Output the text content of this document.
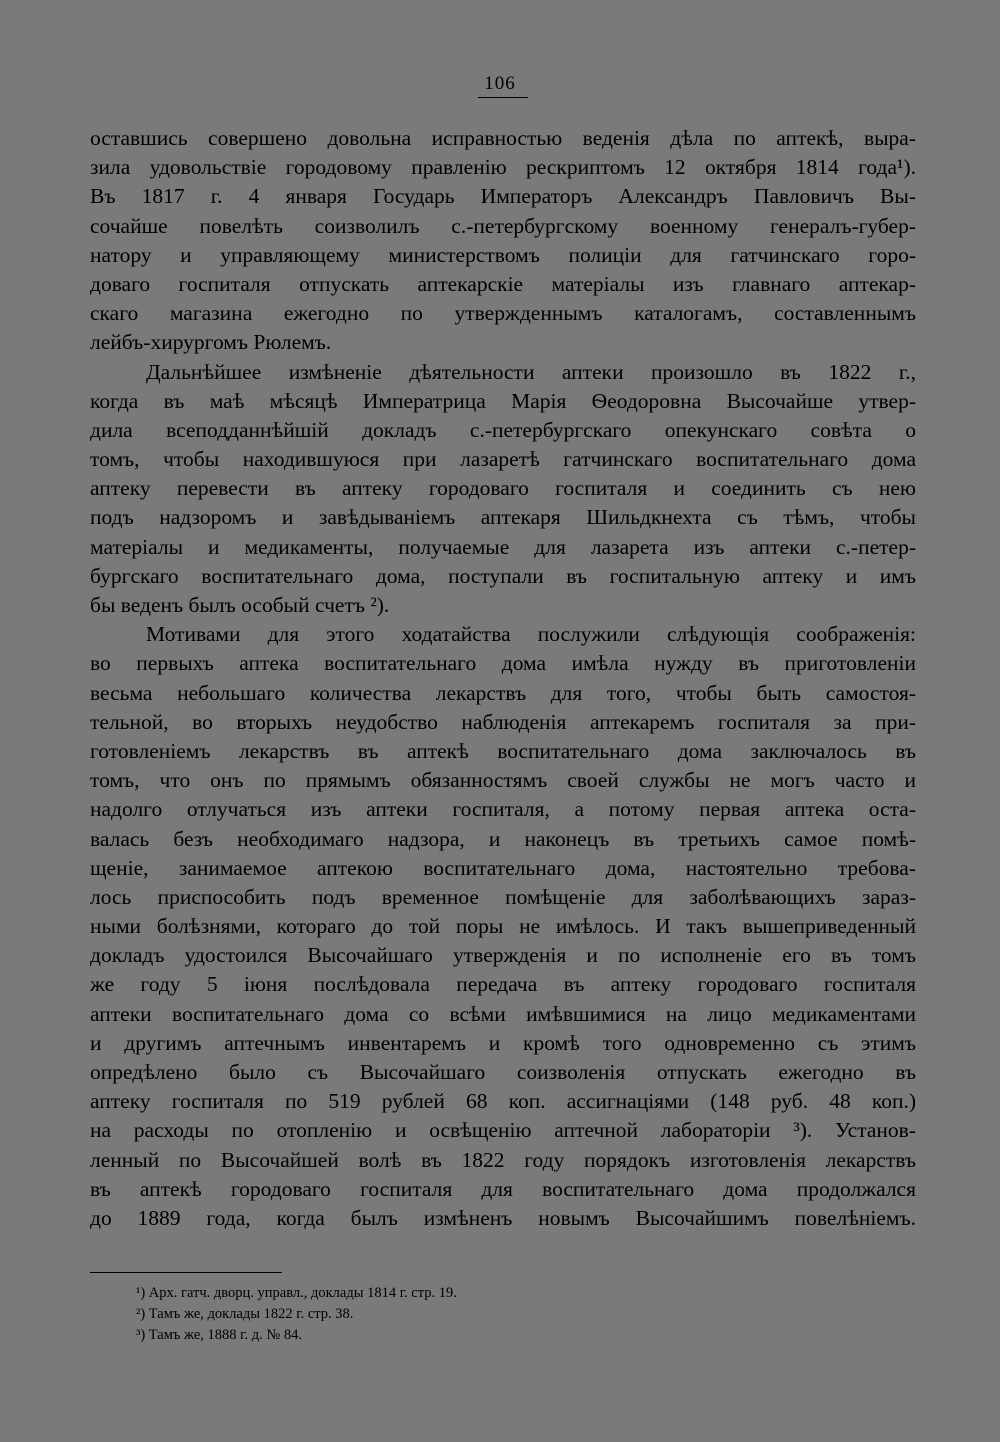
106
оставшись совершено довольна исправностью веденія дѣла по аптекѣ, выра-
зила удовольствіе городовому правленію рескриптомъ 12 октября 1814 года¹).
Въ 1817 г. 4 января Государь Императоръ Александръ Павловичъ Вы-
сочайше повелѣть соизволилъ с.-петербургскому военному генералъ-губер-
натору и управляющему министерствомъ полиціи для гатчинскаго горо-
доваго госпиталя отпускать аптекарскіе матеріалы изъ главнаго аптекар-
скаго магазина ежегодно по утвержденнымъ каталогамъ, составленнымъ
лейбъ-хирургомъ Рюлемъ.
Дальнѣйшее измѣненіе дѣятельности аптеки произошло въ 1822 г.,
когда въ маѣ мѣсяцѣ Императрица Марія Ѳеодоровна Высочайше утвер-
дила всеподданнѣйшій докладъ с.-петербургскаго опекунскаго совѣта о
томъ, чтобы находившуюся при лазаретѣ гатчинскаго воспитательнаго дома
аптеку перевести въ аптеку городоваго госпиталя и соединить съ нею
подъ надзоромъ и завѣдываніемъ аптекаря Шильдкнехта съ тѣмъ, чтобы
матеріалы и медикаменты, получаемые для лазарета изъ аптеки с.-петер-
бургскаго воспитательнаго дома, поступали въ госпитальную аптеку и имъ
бы веденъ былъ особый счетъ ²).
Мотивами для этого ходатайства послужили слѣдующія соображенія:
во первыхъ аптека воспитательнаго дома имѣла нужду въ приготовленіи
весьма небольшаго количества лекарствъ для того, чтобы быть самостоя-
тельной, во вторыхъ неудобство наблюденія аптекаремъ госпиталя за при-
готовленіемъ лекарствъ въ аптекѣ воспитательнаго дома заключалось въ
томъ, что онъ по прямымъ обязанностямъ своей службы не могъ часто и
надолго отлучаться изъ аптеки госпиталя, а потому первая аптека оста-
валась безъ необходимаго надзора, и наконецъ въ третьихъ самое помѣ-
щеніе, занимаемое аптекою воспитательнаго дома, настоятельно требова-
лось приспособить подъ временное помѣщеніе для заболѣвающихъ зараз-
ными болѣзнями, котораго до той поры не имѣлось. И такъ вышеприведенный
докладъ удостоился Высочайшаго утвержденія и по исполненіе его въ томъ
же году 5 іюня послѣдовала передача въ аптеку городоваго госпиталя
аптеки воспитательнаго дома со всѣми имѣвшимися на лицо медикаментами
и другимъ аптечнымъ инвентаремъ и кромѣ того одновременно съ этимъ
опредѣлено было съ Высочайшаго соизволенія отпускать ежегодно въ
аптеку госпиталя по 519 рублей 68 коп. ассигнаціями (148 руб. 48 коп.)
на расходы по отопленію и освѣщенію аптечной лабораторіи ³). Установ-
ленный по Высочайшей волѣ въ 1822 году порядокъ изготовленія лекарствъ
въ аптекѣ городоваго госпиталя для воспитательнаго дома продолжался
до 1889 года, когда былъ измѣненъ новымъ Высочайшимъ повелѣніемъ.
¹) Арх. гатч. дворц. управл., доклады 1814 г. стр. 19.
²) Тамъ же, доклады 1822 г. стр. 38.
³) Тамъ же, 1888 г. д. № 84.
